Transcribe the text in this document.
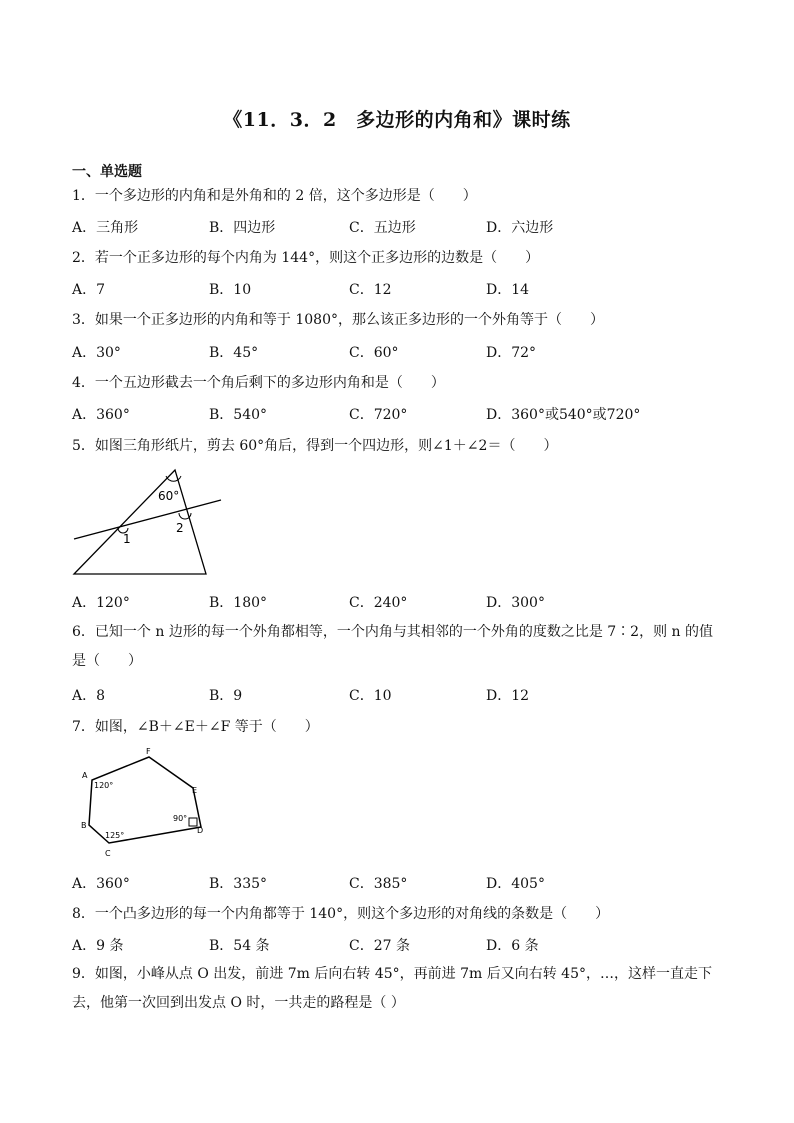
《11．3．2　多边形的内角和》课时练
一、单选题
1．一个多边形的内角和是外角和的 2 倍，这个多边形是（　　）
A．三角形	B．四边形	C．五边形	D．六边形
2．若一个正多边形的每个内角为 144°，则这个正多边形的边数是（　　）
A．7	B．10	C．12	D．14
3．如果一个正多边形的内角和等于 1080°，那么该正多边形的一个外角等于（　　）
A．30°	B．45°	C．60°	D．72°
4．一个五边形截去一个角后剩下的多边形内角和是（　　）
A．360°	B．540°	C．720°	D．360°或540°或720°
5．如图三角形纸片，剪去 60°角后，得到一个四边形，则∠1＋∠2＝（　　）
60°
1
2
A．120°	B．180°	C．240°	D．300°
6．已知一个 n 边形的每一个外角都相等，一个内角与其相邻的一个外角的度数之比是 7∶2，则 n 的值是（　　）
A．8	B．9	C．10	D．12
7．如图，∠B＋∠E＋∠F 等于（　　）
F
A
B
C
D
E
120°
125°
90°
A．360°	B．335°	C．385°	D．405°
8．一个凸多边形的每一个内角都等于 140°，则这个多边形的对角线的条数是（　　）
A．9 条	B．54 条	C．27 条	D．6 条
9．如图，小峰从点 O 出发，前进 7m 后向右转 45°，再前进 7m 后又向右转 45°，…，这样一直走下去，他第一次回到出发点 O 时，一共走的路程是（ ）
